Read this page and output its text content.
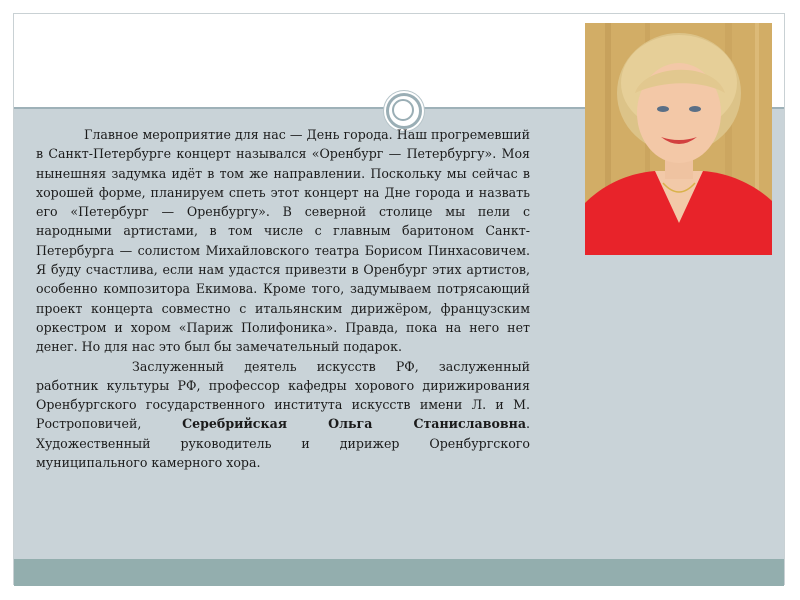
Главное мероприятие для нас — День города. Наш прогремевший в Санкт-Петербурге концерт назывался «Оренбург — Петербургу». Моя нынешняя задумка идёт в том же направлении. Поскольку мы сейчас в хорошей форме, планируем спеть этот концерт на Дне города и назвать его «Петербург — Оренбургу». В северной столице мы пели с народными артистами, в том числе с главным баритоном Санкт-Петербурга — солистом Михайловского театра Борисом Пинхасовичем. Я буду счастлива, если нам удастся привезти в Оренбург этих артистов, особенно композитора Екимова. Кроме того, задумываем потрясающий проект концерта совместно с итальянским дирижёром, французским оркестром и хором «Париж Полифоника». Правда, пока на него нет денег. Но для нас это был бы замечательный подарок.

Заслуженный деятель искусств РФ, заслуженный работник культуры РФ, профессор кафедры хорового дирижирования Оренбургского государственного института искусств имени Л. и М. Ростроповичей, Серебрийская Ольга Станиславовна. Художественный руководитель и дирижер Оренбургского муниципального камерного хора.
